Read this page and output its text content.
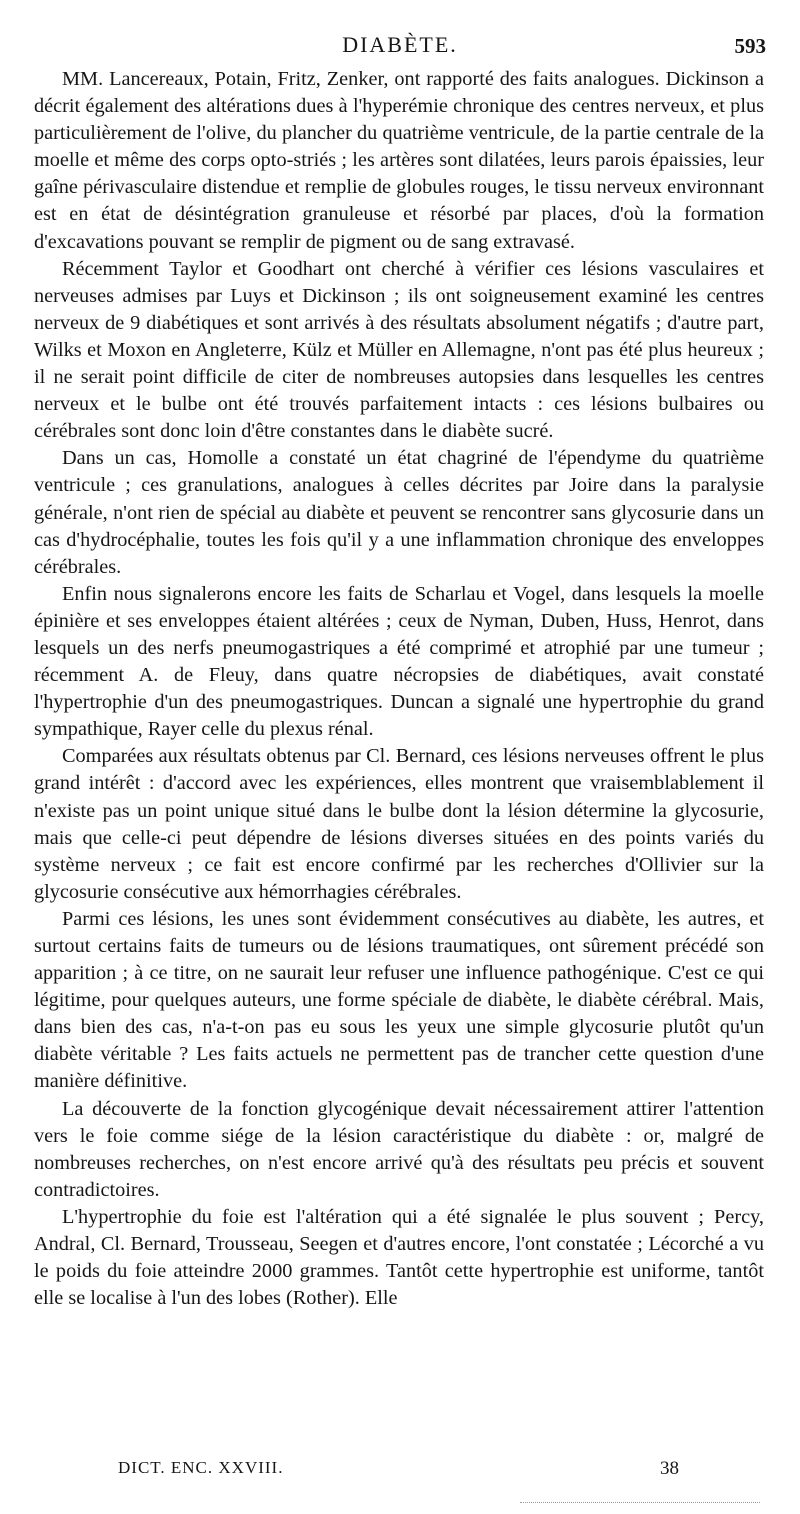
DIABÈTE.	593

MM. Lancereaux, Potain, Fritz, Zenker, ont rapporté des faits analogues. Dickinson a décrit également des altérations dues à l'hyperémie chronique des centres nerveux, et plus particulièrement de l'olive, du plancher du quatrième ventricule, de la partie centrale de la moelle et même des corps opto-striés ; les artères sont dilatées, leurs parois épaissies, leur gaîne périvasculaire distendue et remplie de globules rouges, le tissu nerveux environnant est en état de désintégration granuleuse et résorbé par places, d'où la formation d'excavations pouvant se remplir de pigment ou de sang extravasé.

Récemment Taylor et Goodhart ont cherché à vérifier ces lésions vasculaires et nerveuses admises par Luys et Dickinson ; ils ont soigneusement examiné les centres nerveux de 9 diabétiques et sont arrivés à des résultats absolument négatifs ; d'autre part, Wilks et Moxon en Angleterre, Külz et Müller en Allemagne, n'ont pas été plus heureux ; il ne serait point difficile de citer de nombreuses autopsies dans lesquelles les centres nerveux et le bulbe ont été trouvés parfaitement intacts : ces lésions bulbaires ou cérébrales sont donc loin d'être constantes dans le diabète sucré.

Dans un cas, Homolle a constaté un état chagriné de l'épendyme du quatrième ventricule ; ces granulations, analogues à celles décrites par Joire dans la paralysie générale, n'ont rien de spécial au diabète et peuvent se rencontrer sans glycosurie dans un cas d'hydrocéphalie, toutes les fois qu'il y a une inflammation chronique des enveloppes cérébrales.

Enfin nous signalerons encore les faits de Scharlau et Vogel, dans lesquels la moelle épinière et ses enveloppes étaient altérées ; ceux de Nyman, Duben, Huss, Henrot, dans lesquels un des nerfs pneumogastriques a été comprimé et atrophié par une tumeur ; récemment A. de Fleuy, dans quatre nécropsies de diabétiques, avait constaté l'hypertrophie d'un des pneumogastriques. Duncan a signalé une hypertrophie du grand sympathique, Rayer celle du plexus rénal.

Comparées aux résultats obtenus par Cl. Bernard, ces lésions nerveuses offrent le plus grand intérêt : d'accord avec les expériences, elles montrent que vraisemblablement il n'existe pas un point unique situé dans le bulbe dont la lésion détermine la glycosurie, mais que celle-ci peut dépendre de lésions diverses situées en des points variés du système nerveux ; ce fait est encore confirmé par les recherches d'Ollivier sur la glycosurie consécutive aux hémorrhagies cérébrales.

Parmi ces lésions, les unes sont évidemment consécutives au diabète, les autres, et surtout certains faits de tumeurs ou de lésions traumatiques, ont sûrement précédé son apparition ; à ce titre, on ne saurait leur refuser une influence pathogénique. C'est ce qui légitime, pour quelques auteurs, une forme spéciale de diabète, le diabète cérébral. Mais, dans bien des cas, n'a-t-on pas eu sous les yeux une simple glycosurie plutôt qu'un diabète véritable ? Les faits actuels ne permettent pas de trancher cette question d'une manière définitive.

La découverte de la fonction glycogénique devait nécessairement attirer l'attention vers le foie comme siége de la lésion caractéristique du diabète : or, malgré de nombreuses recherches, on n'est encore arrivé qu'à des résultats peu précis et souvent contradictoires.

L'hypertrophie du foie est l'altération qui a été signalée le plus souvent ; Percy, Andral, Cl. Bernard, Trousseau, Seegen et d'autres encore, l'ont constatée ; Lécorché a vu le poids du foie atteindre 2000 grammes. Tantôt cette hypertrophie est uniforme, tantôt elle se localise à l'un des lobes (Rother). Elle

DICT. ENC. XXVIII.	38
